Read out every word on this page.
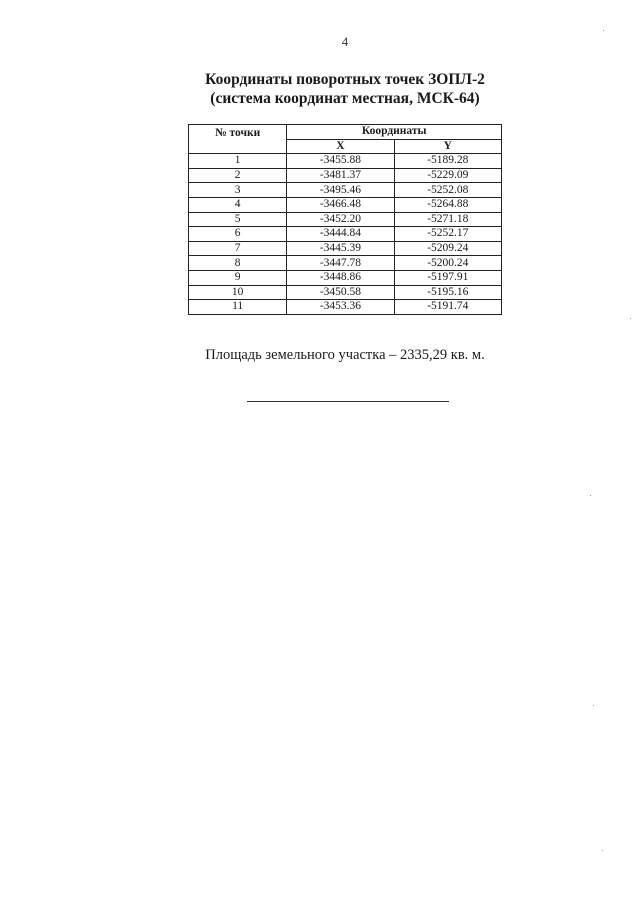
4
Координаты поворотных точек ЗОПЛ-2
(система координат местная, МСК-64)
№ точки	Координаты	
	X	Y
1	-3455.88	-5189.28
2	-3481.37	-5229.09
3	-3495.46	-5252.08
4	-3466.48	-5264.88
5	-3452.20	-5271.18
6	-3444.84	-5252.17
7	-3445.39	-5209.24
8	-3447.78	-5200.24
9	-3448.86	-5197.91
10	-3450.58	-5195.16
11	-3453.36	-5191.74
Площадь земельного участка – 2335,29 кв. м.
